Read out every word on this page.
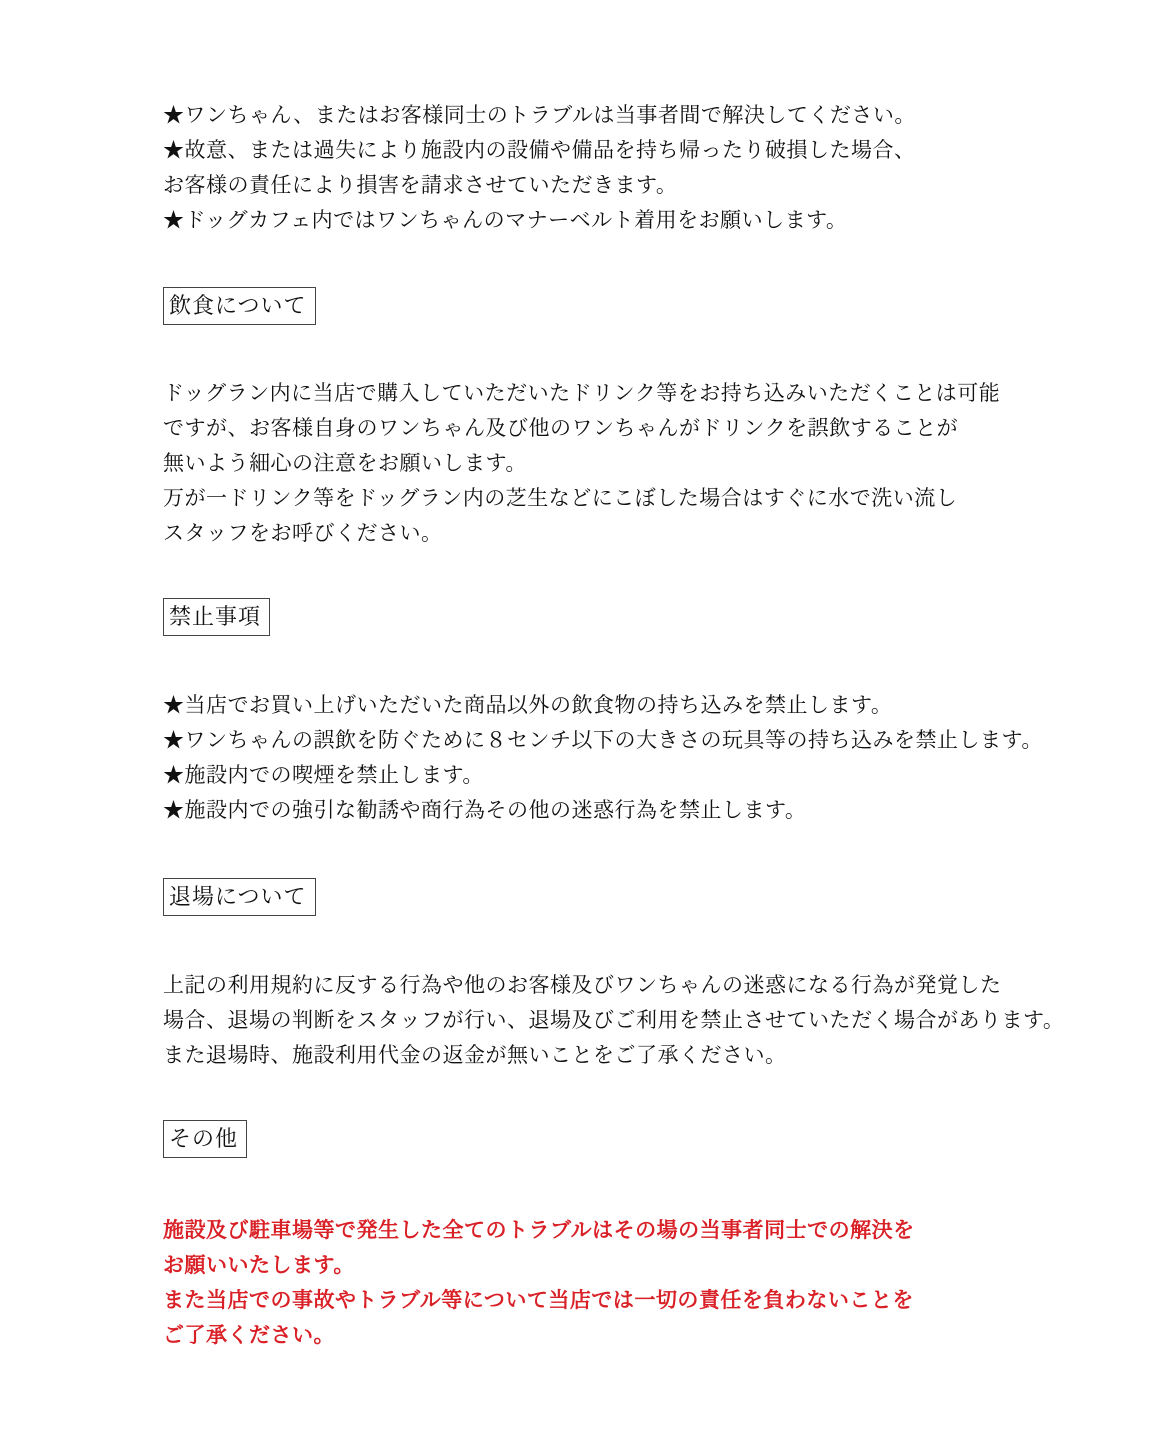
★ワンちゃん、またはお客様同士のトラブルは当事者間で解決してください。

★故意、または過失により施設内の設備や備品を持ち帰ったり破損した場合、

お客様の責任により損害を請求させていただきます。

★ドッグカフェ内ではワンちゃんのマナーベルト着用をお願いします。

飲食について

ドッグラン内に当店で購入していただいたドリンク等をお持ち込みいただくことは可能

ですが、お客様自身のワンちゃん及び他のワンちゃんがドリンクを誤飲することが

無いよう細心の注意をお願いします。

万が一ドリンク等をドッグラン内の芝生などにこぼした場合はすぐに水で洗い流し

スタッフをお呼びください。

禁止事項

★当店でお買い上げいただいた商品以外の飲食物の持ち込みを禁止します。

★ワンちゃんの誤飲を防ぐために８センチ以下の大きさの玩具等の持ち込みを禁止します。

★施設内での喫煙を禁止します。

★施設内での強引な勧誘や商行為その他の迷惑行為を禁止します。

退場について

上記の利用規約に反する行為や他のお客様及びワンちゃんの迷惑になる行為が発覚した

場合、退場の判断をスタッフが行い、退場及びご利用を禁止させていただく場合があります。

また退場時、施設利用代金の返金が無いことをご了承ください。

その他

施設及び駐車場等で発生した全てのトラブルはその場の当事者同士での解決を

お願いいたします。

また当店での事故やトラブル等について当店では一切の責任を負わないことを

ご了承ください。
